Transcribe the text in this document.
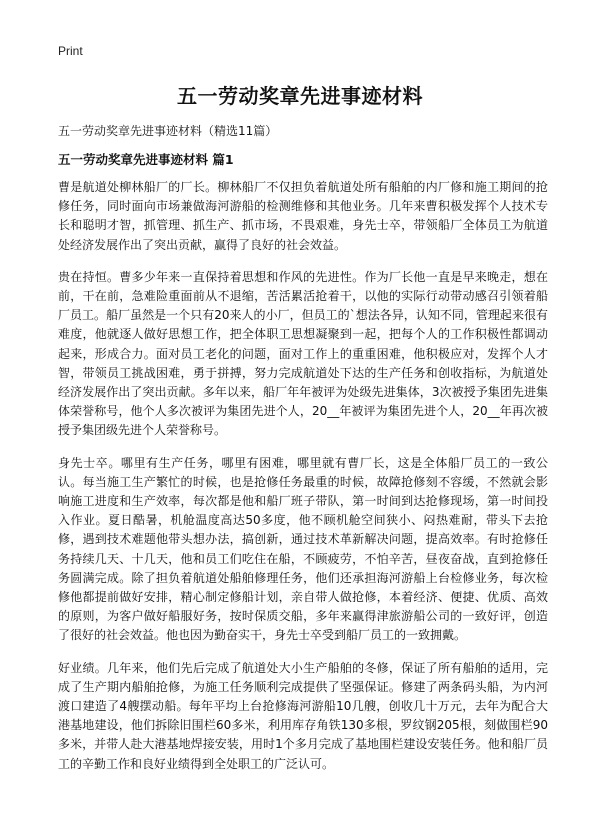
Print
五一劳动奖章先进事迹材料
五一劳动奖章先进事迹材料（精选11篇）
五一劳动奖章先进事迹材料 篇1

曹是航道处柳林船厂的厂长。柳林船厂不仅担负着航道处所有船舶的内厂修和施工期间的抢修任务，同时面向市场兼做海河游船的检测维修和其他业务。几年来曹积极发挥个人技术专长和聪明才智，抓管理、抓生产、抓市场，不畏艰难，身先士卒，带领船厂全体员工为航道处经济发展作出了突出贡献，赢得了良好的社会效益。

贵在持恒。曹多少年来一直保持着思想和作风的先进性。作为厂长他一直是早来晚走，想在前，干在前，急难险重面前从不退缩，苦活累活抢着干，以他的实际行动带动感召引领着船厂员工。船厂虽然是一个只有20来人的小厂，但员工的`想法各异，认知不同，管理起来很有难度，他就逐人做好思想工作，把全体职工思想凝聚到一起，把每个人的工作积极性都调动起来，形成合力。面对员工老化的问题，面对工作上的重重困难，他积极应对，发挥个人才智，带领员工挑战困难，勇于拼搏，努力完成航道处下达的生产任务和创收指标，为航道处经济发展作出了突出贡献。多年以来，船厂年年被评为处级先进集体，3次被授予集团先进集体荣誉称号，他个人多次被评为集团先进个人，20__年被评为集团先进个人，20__年再次被授予集团级先进个人荣誉称号。

身先士卒。哪里有生产任务，哪里有困难，哪里就有曹厂长，这是全体船厂员工的一致公认。每当施工生产繁忙的时候，也是抢修任务最重的时候，故障抢修刻不容缓，不然就会影响施工进度和生产效率，每次都是他和船厂班子带队，第一时间到达抢修现场，第一时间投入作业。夏日酷暑，机舱温度高达50多度，他不顾机舱空间狭小、闷热难耐，带头下去抢修，遇到技术难题他带头想办法，搞创新，通过技术革新解决问题，提高效率。有时抢修任务持续几天、十几天，他和员工们吃住在船，不顾疲劳，不怕辛苦，昼夜奋战，直到抢修任务圆满完成。除了担负着航道处船舶修理任务，他们还承担海河游船上台检修业务，每次检修他都提前做好安排，精心制定修船计划，亲自带人做抢修，本着经济、便捷、优质、高效的原则，为客户做好船服好务，按时保质交船，多年来赢得津旅游船公司的一致好评，创造了很好的社会效益。他也因为勤奋实干，身先士卒受到船厂员工的一致拥戴。

好业绩。几年来，他们先后完成了航道处大小生产船舶的冬修，保证了所有船舶的适用，完成了生产期内船舶抢修，为施工任务顺利完成提供了坚强保证。修建了两条码头船，为内河渡口建造了4艘摆动船。每年平均上台抢修海河游船10几艘，创收几十万元，去年为配合大港基地建设，他们拆除旧围栏60多米，利用库存角铁130多根，罗纹钢205根，刻做围栏90多米，并带人赴大港基地焊接安装，用时1个多月完成了基地围栏建设安装任务。他和船厂员工的辛勤工作和良好业绩得到全处职工的广泛认可。
